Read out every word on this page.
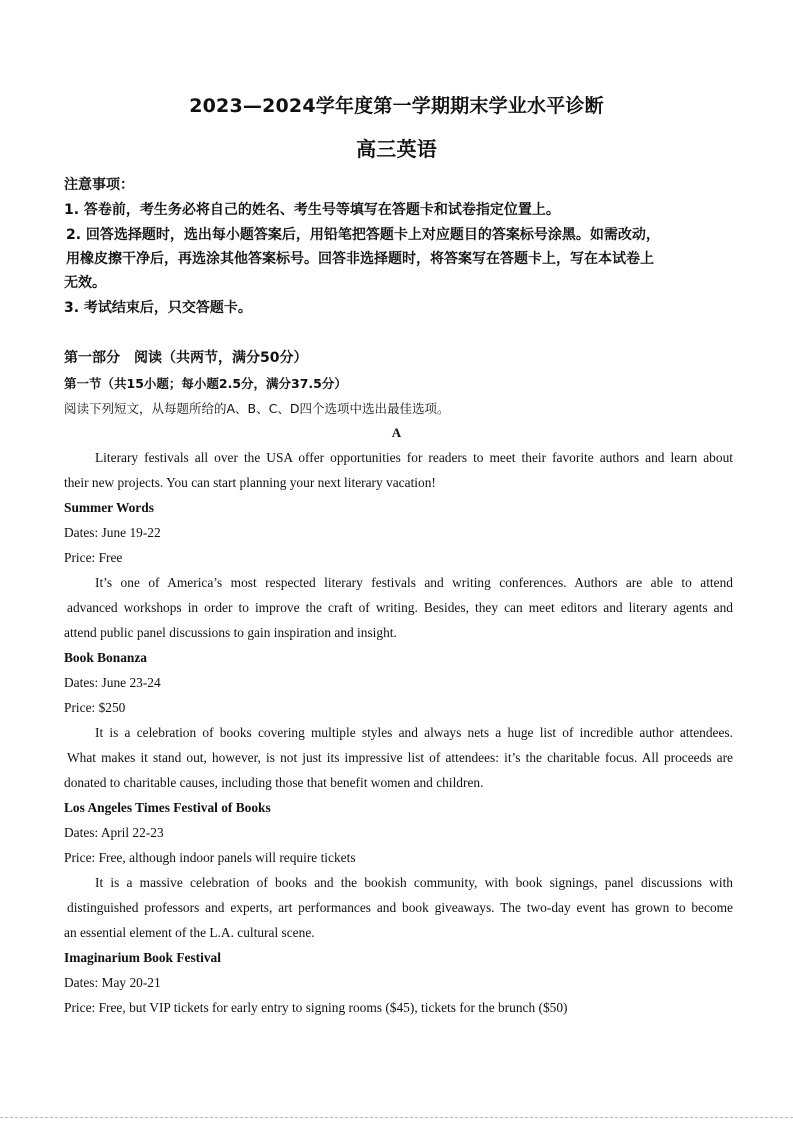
2023—2024学年度第一学期期末学业水平诊断
高三英语
注意事项：
1. 答卷前，考生务必将自己的姓名、考生号等填写在答题卡和试卷指定位置上。
2. 回答选择题时，选出每小题答案后，用铅笔把答题卡上对应题目的答案标号涂黑。如需改动，
用橡皮擦干净后，再选涂其他答案标号。回答非选择题时，将答案写在答题卡上，写在本试卷上
无效。
3. 考试结束后，只交答题卡。
第一部分　阅读（共两节，满分50分）
第一节（共15小题；每小题2.5分，满分37.5分）
阅读下列短文，从每题所给的A、B、C、D四个选项中选出最佳选项。
A
Literary festivals all over the USA offer opportunities for readers to meet their favorite authors and learn about
their new projects. You can start planning your next literary vacation!
Summer Words
Dates: June 19-22
Price: Free
It’s one of America’s most respected literary festivals and writing conferences. Authors are able to attend
advanced workshops in order to improve the craft of writing. Besides, they can meet editors and literary agents and
attend public panel discussions to gain inspiration and insight.
Book Bonanza
Dates: June 23-24
Price: $250
It is a celebration of books covering multiple styles and always nets a huge list of incredible author attendees.
What makes it stand out, however, is not just its impressive list of attendees: it’s the charitable focus. All proceeds are
donated to charitable causes, including those that benefit women and children.
Los Angeles Times Festival of Books
Dates: April 22-23
Price: Free, although indoor panels will require tickets
It is a massive celebration of books and the bookish community, with book signings, panel discussions with
distinguished professors and experts, art performances and book giveaways. The two-day event has grown to become
an essential element of the L.A. cultural scene.
Imaginarium Book Festival
Dates: May 20-21
Price: Free, but VIP tickets for early entry to signing rooms ($45), tickets for the brunch ($50)
